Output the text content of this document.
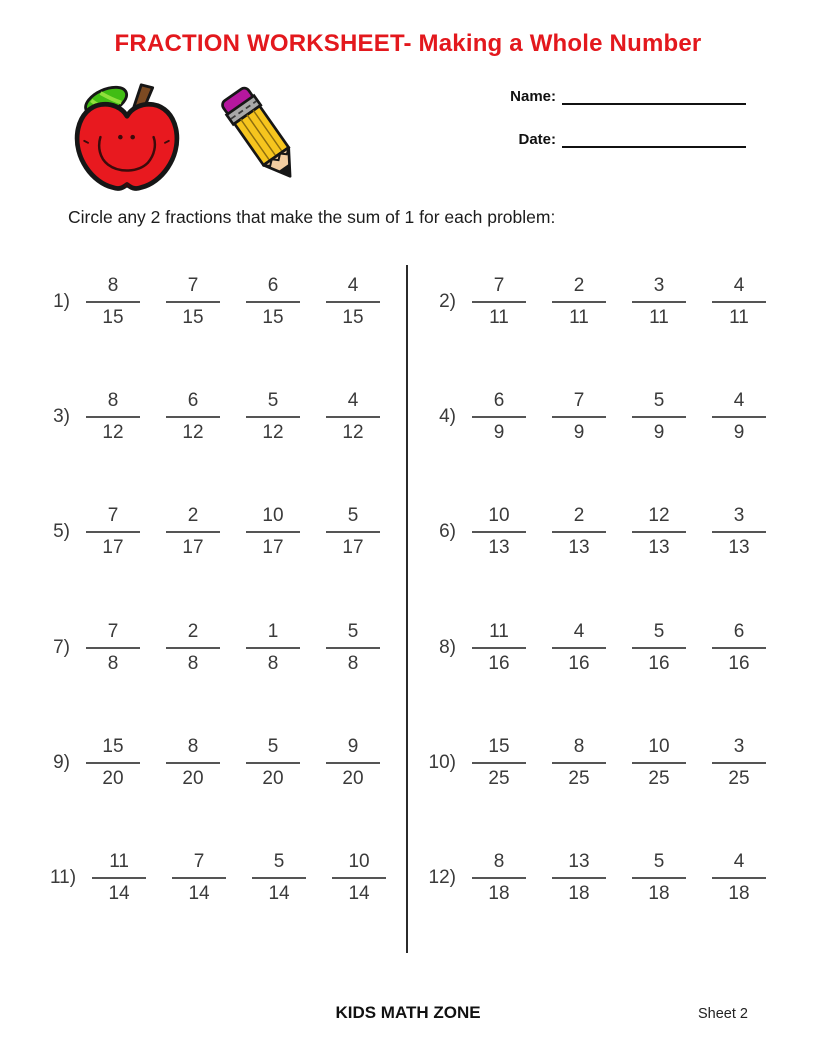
FRACTION WORKSHEET- Making a Whole Number
Name:
Date:
Circle any 2 fractions that make the sum of 1 for each problem:
$1) \frac{8}{15} \frac{7}{15} \frac{6}{15} \frac{4}{15}$
$3) \frac{8}{12} \frac{6}{12} \frac{5}{12} \frac{4}{12}$
$5) \frac{7}{17} \frac{2}{17} \frac{10}{17} \frac{5}{17}$
$7) \frac{7}{8} \frac{2}{8} \frac{1}{8} \frac{5}{8}$
$9) \frac{15}{20} \frac{8}{20} \frac{5}{20} \frac{9}{20}$
$11) \frac{11}{14} \frac{7}{14} \frac{5}{14} \frac{10}{14}$
$2) \frac{7}{11} \frac{2}{11} \frac{3}{11} \frac{4}{11}$
$4) \frac{6}{9} \frac{7}{9} \frac{5}{9} \frac{4}{9}$
$6) \frac{10}{13} \frac{2}{13} \frac{12}{13} \frac{3}{13}$
$8) \frac{11}{16} \frac{4}{16} \frac{5}{16} \frac{6}{16}$
$10) \frac{15}{25} \frac{8}{25} \frac{10}{25} \frac{3}{25}$
$12) \frac{8}{18} \frac{13}{18} \frac{5}{18} \frac{4}{18}$
KIDS MATH ZONE	Sheet 2
